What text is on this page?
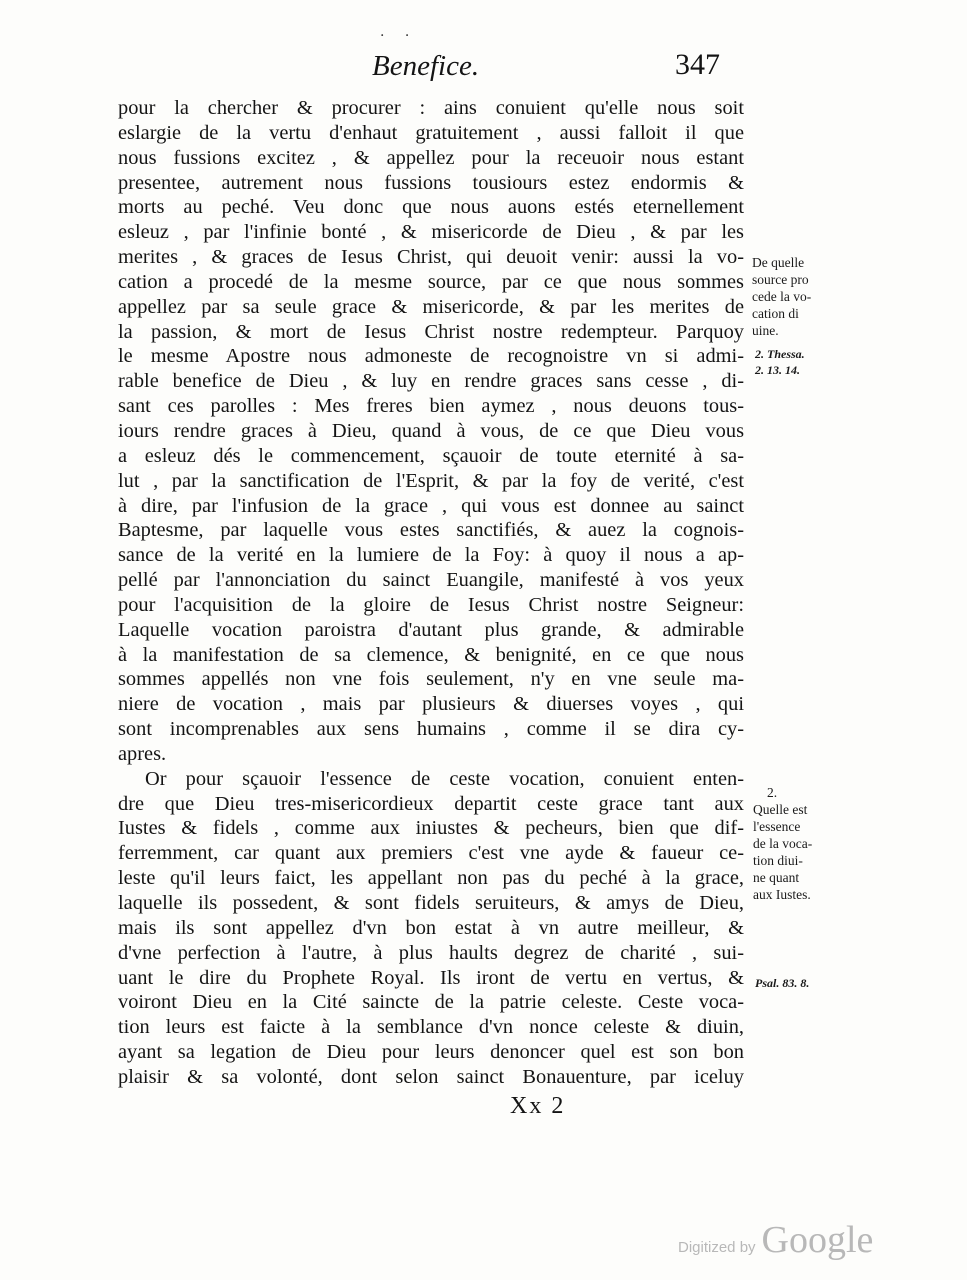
· ·
Benefice.	347
pour la chercher & procurer : ains conuient qu'elle nous soit
eslargie de la vertu d'enhaut gratuitement , aussi falloit il que
nous fussions excitez , & appellez pour la receuoir nous estant
presentee, autrement nous fussions tousiours estez endormis &
morts au peché. Veu donc que nous auons estés eternellement
esleuz , par l'infinie bonté , & misericorde de Dieu , & par les
merites , & graces de Iesus Christ, qui deuoit venir: aussi la vo-
cation a procedé de la mesme source, par ce que nous sommes
appellez par sa seule grace & misericorde, & par les merites de
la passion, & mort de Iesus Christ nostre redempteur. Parquoy
le mesme Apostre nous admoneste de recognoistre vn si admi-
rable benefice de Dieu , & luy en rendre graces sans cesse , di-
sant ces parolles : Mes freres bien aymez , nous deuons tous-
iours rendre graces à Dieu, quand à vous, de ce que Dieu vous
a esleuz dés le commencement, sçauoir de toute eternité à sa-
lut , par la sanctification de l'Esprit, & par la foy de verité, c'est
à dire, par l'infusion de la grace , qui vous est donnee au sainct
Baptesme, par laquelle vous estes sanctifiés, & auez la cognois-
sance de la verité en la lumiere de la Foy: à quoy il nous a ap-
pellé par l'annonciation du sainct Euangile, manifesté à vos yeux
pour l'acquisition de la gloire de Iesus Christ nostre Seigneur:
Laquelle vocation paroistra d'autant plus grande, & admirable
à la manifestation de sa clemence, & benignité, en ce que nous
sommes appellés non vne fois seulement, n'y en vne seule ma-
niere de vocation , mais par plusieurs & diuerses voyes , qui
sont incomprenables aux sens humains , comme il se dira cy-
apres.
Or pour sçauoir l'essence de ceste vocation, conuient enten-
dre que Dieu tres-misericordieux departit ceste grace tant aux
Iustes & fidels , comme aux iniustes & pecheurs, bien que dif-
ferremment, car quant aux premiers c'est vne ayde & faueur ce-
leste qu'il leurs faict, les appellant non pas du peché à la grace,
laquelle ils possedent, & sont fidels seruiteurs, & amys de Dieu,
mais ils sont appellez d'vn bon estat à vn autre meilleur, &
d'vne perfection à l'autre, à plus haults degrez de charité , sui-
uant le dire du Prophete Royal. Ils iront de vertu en vertus, &
voiront Dieu en la Cité saincte de la patrie celeste. Ceste voca-
tion leurs est faicte à la semblance d'vn nonce celeste & diuin,
ayant sa legation de Dieu pour leurs denoncer quel est son bon
plaisir & sa volonté, dont selon sainct Bonauenture, par iceluy
De quelle
source pro
cede la vo-
cation di
uine.
2. Thessa.
2. 13. 14.
2.
Quelle est
l'essence
de la voca-
tion diui-
ne quant
aux Iustes.
Psal. 83. 8.
Xx 2
Digitized by Google
